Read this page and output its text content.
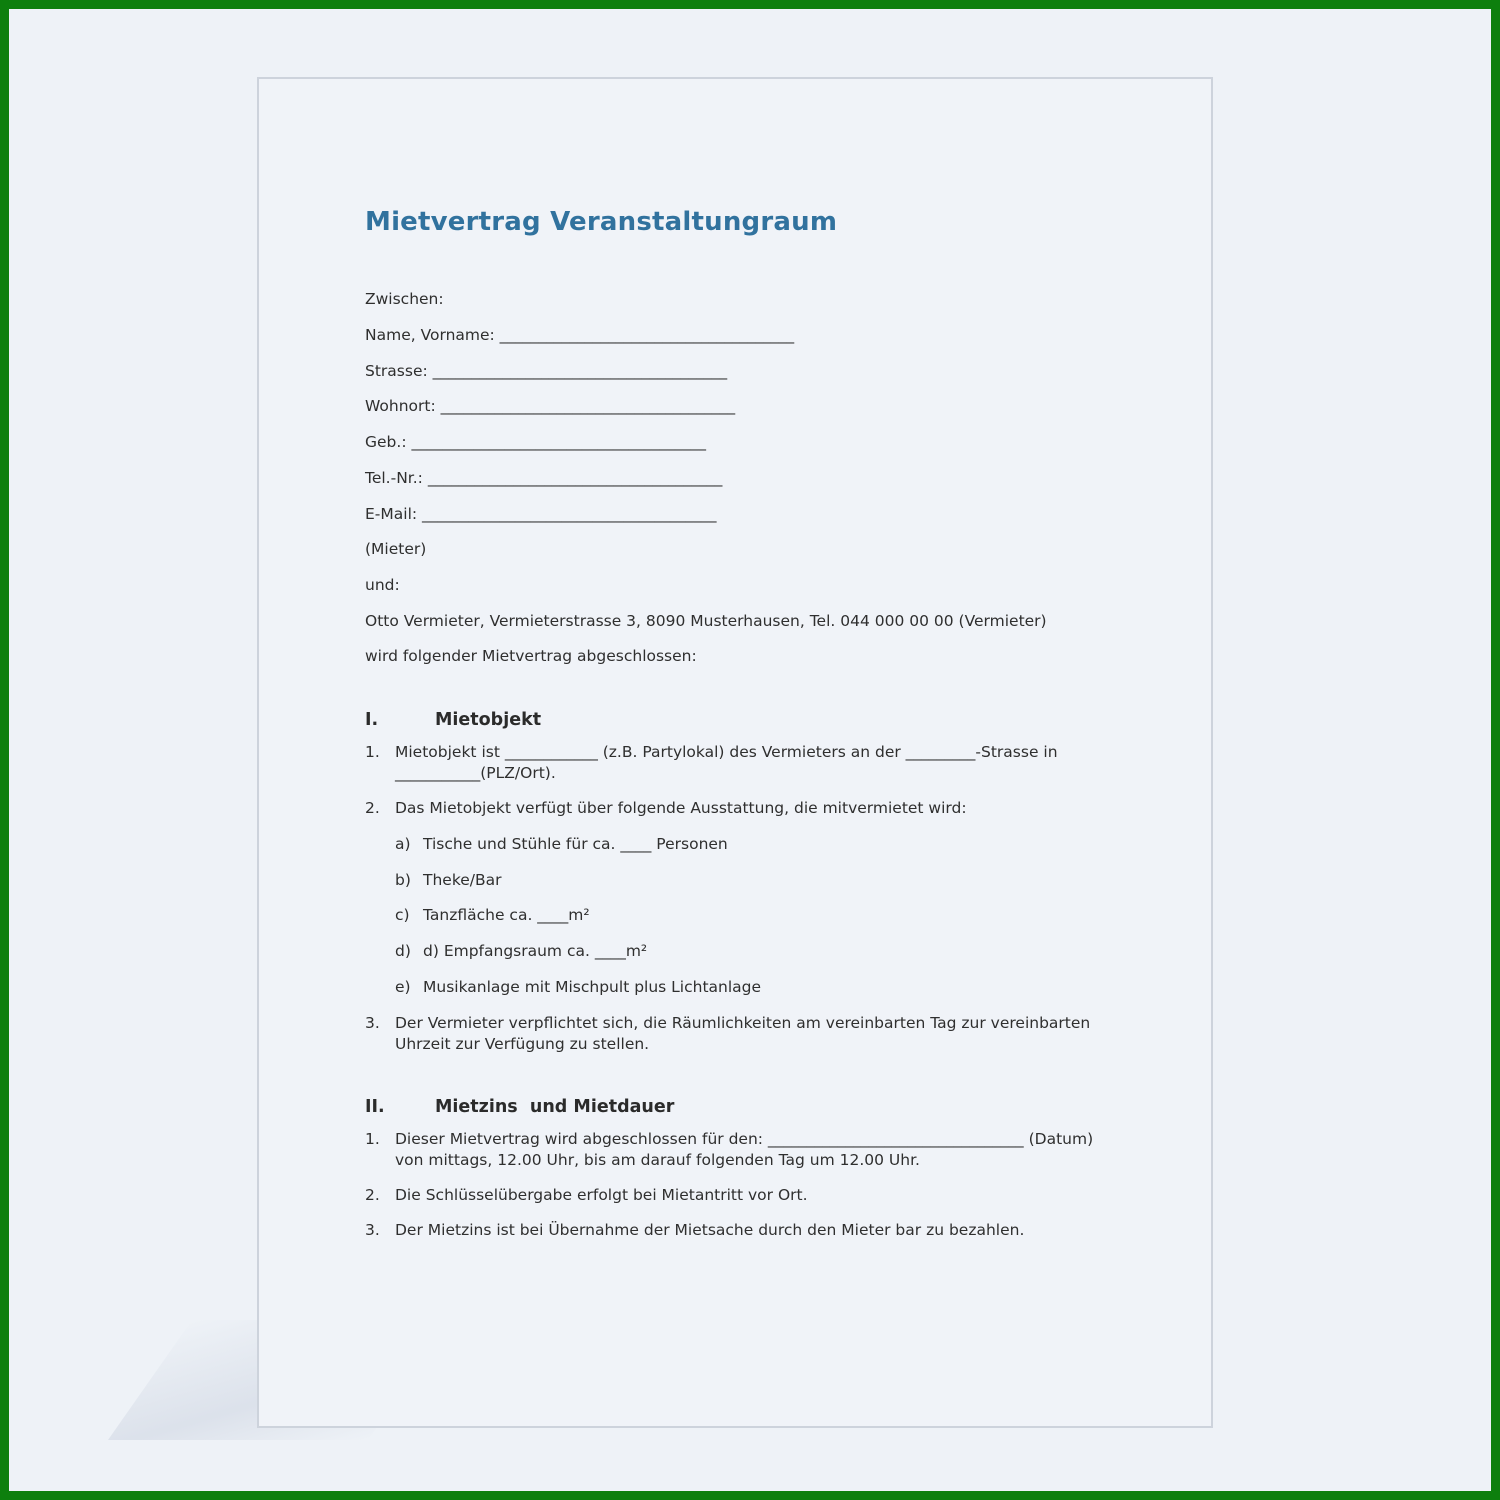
Mietvertrag Veranstaltungraum
Zwischen:
Name, Vorname: ______________________________________
Strasse: ______________________________________
Wohnort: ______________________________________
Geb.: ______________________________________
Tel.-Nr.: ______________________________________
E-Mail: ______________________________________
(Mieter)
und:
Otto Vermieter, Vermieterstrasse 3, 8090 Musterhausen, Tel. 044 000 00 00 (Vermieter)
wird folgender Mietvertrag abgeschlossen:
I.	Mietobjekt
1. Mietobjekt ist ____________ (z.B. Partylokal) des Vermieters an der _________-Strasse in ___________(PLZ/Ort).
2. Das Mietobjekt verfügt über folgende Ausstattung, die mitvermietet wird:
a) Tische und Stühle für ca. ____ Personen
b) Theke/Bar
c) Tanzfläche ca. ____m²
d) d) Empfangsraum ca. ____m²
e) Musikanlage mit Mischpult plus Lichtanlage
3. Der Vermieter verpflichtet sich, die Räumlichkeiten am vereinbarten Tag zur vereinbarten Uhrzeit zur Verfügung zu stellen.
II.	Mietzins  und Mietdauer
1. Dieser Mietvertrag wird abgeschlossen für den: _________________________________ (Datum) von mittags, 12.00 Uhr, bis am darauf folgenden Tag um 12.00 Uhr.
2. Die Schlüsselübergabe erfolgt bei Mietantritt vor Ort.
3. Der Mietzins ist bei Übernahme der Mietsache durch den Mieter bar zu bezahlen.
